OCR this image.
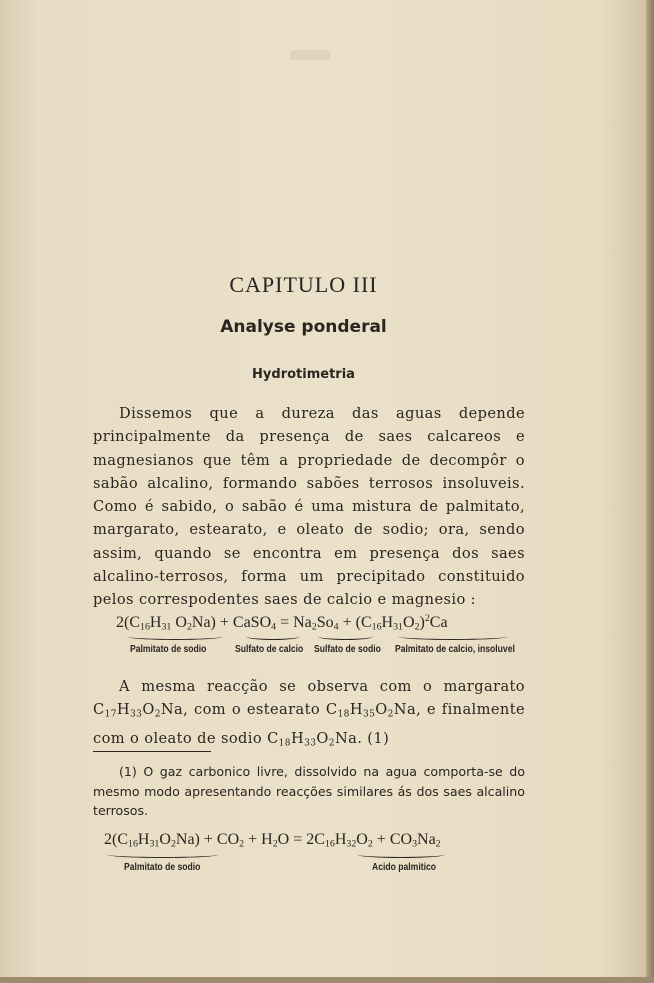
CAPITULO III
Analyse ponderal
Hydrotimetria
Dissemos que a dureza das aguas depende principalmente da presença de saes calcareos e magnesianos que têm a propriedade de decompôr o sabão alcalino, formando sabões terrosos insoluveis. Como é sabido, o sabão é uma mistura de palmitato, margarato, estearato, e oleato de sodio; ora, sendo assim, quando se encontra em presença dos saes alcalino-terrosos, forma um precipitado constituido pelos correspodentes saes de calcio e magnesio :
$2(C_{16}H_{31}$ $O_2Na$) + CaSO$_4$ = $Na_2So_4 + (C_{16}H_{31}O_2)^2Ca$
Palmitato de sodio	Sulfato de calcio Sulfato de sodio Palmitato de calcio, insoluvel
A mesma reacção se observa com o margarato $C_{17}H_{33}O_2Na$, com o estearato $C_{18}H_{35}O_2Na$, e finalmente com o oleato de sodio $C_{18}H_{33}O_2Na$. (1)
(1) O gaz carbonico livre, dissolvido na agua comporta-se do mesmo modo apresentando reacções similares ás dos saes alcalino terrosos.
$2(C_{16}H_{31}O_2Na) + CO_2 + H_2O = 2C_{16}H_{32}O_2 + CO_3Na_2$
Palmitato de sodio	Acido palmitico
